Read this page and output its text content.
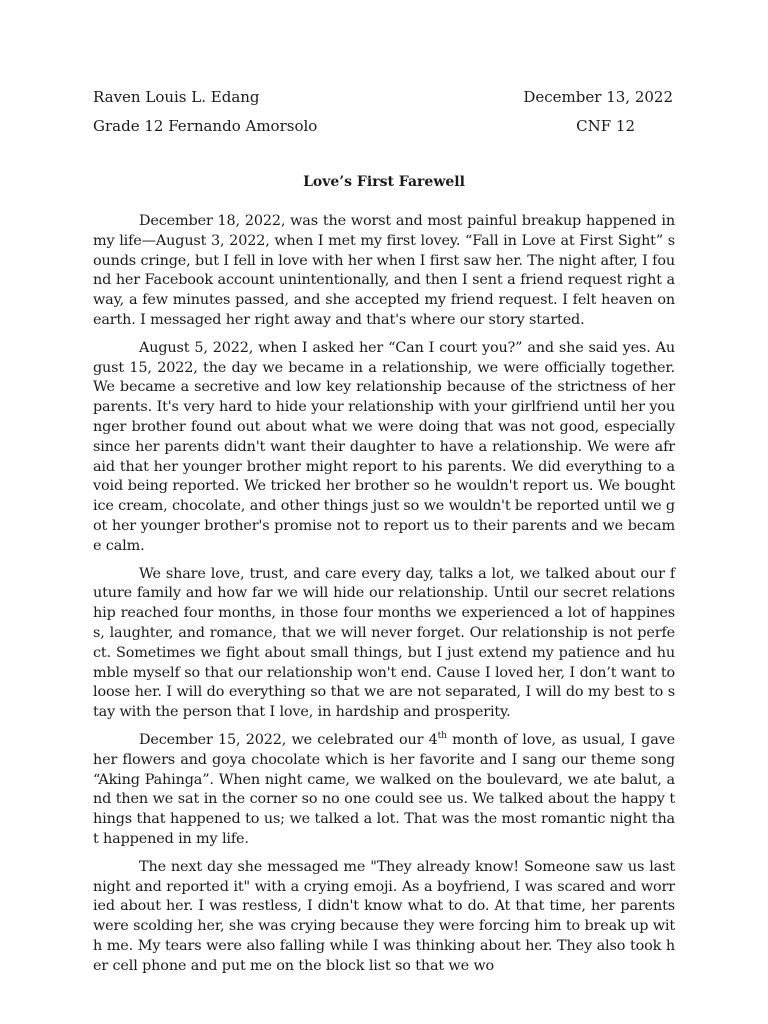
Raven Louis L. Edang	December 13, 2022
Grade 12 Fernando Amorsolo	CNF 12
Love’s First Farewell

December 18, 2022, was the worst and most painful breakup happened in my life—August 3, 2022, when I met my first lovey. “Fall in Love at First Sight” sounds cringe, but I fell in love with her when I first saw her. The night after, I found her Facebook account unintentionally, and then I sent a friend request right away, a few minutes passed, and she accepted my friend request. I felt heaven on earth. I messaged her right away and that's where our story started.

August 5, 2022, when I asked her “Can I court you?” and she said yes. August 15, 2022, the day we became in a relationship, we were officially together. We became a secretive and low key relationship because of the strictness of her parents. It's very hard to hide your relationship with your girlfriend until her younger brother found out about what we were doing that was not good, especially since her parents didn't want their daughter to have a relationship. We were afraid that her younger brother might report to his parents. We did everything to avoid being reported. We tricked her brother so he wouldn't report us. We bought ice cream, chocolate, and other things just so we wouldn't be reported until we got her younger brother's promise not to report us to their parents and we became calm.

We share love, trust, and care every day, talks a lot, we talked about our future family and how far we will hide our relationship. Until our secret relationship reached four months, in those four months we experienced a lot of happiness, laughter, and romance, that we will never forget. Our relationship is not perfect. Sometimes we fight about small things, but I just extend my patience and humble myself so that our relationship won't end. Cause I loved her, I don’t want to loose her. I will do everything so that we are not separated, I will do my best to stay with the person that I love, in hardship and prosperity.

December 15, 2022, we celebrated our 4th month of love, as usual, I gave her flowers and goya chocolate which is her favorite and I sang our theme song “Aking Pahinga”. When night came, we walked on the boulevard, we ate balut, and then we sat in the corner so no one could see us. We talked about the happy things that happened to us; we talked a lot. That was the most romantic night that happened in my life.

The next day she messaged me "They already know! Someone saw us last night and reported it" with a crying emoji. As a boyfriend, I was scared and worried about her. I was restless, I didn't know what to do. At that time, her parents were scolding her, she was crying because they were forcing him to break up with me. My tears were also falling while I was thinking about her. They also took her cell phone and put me on the block list so that we wo
